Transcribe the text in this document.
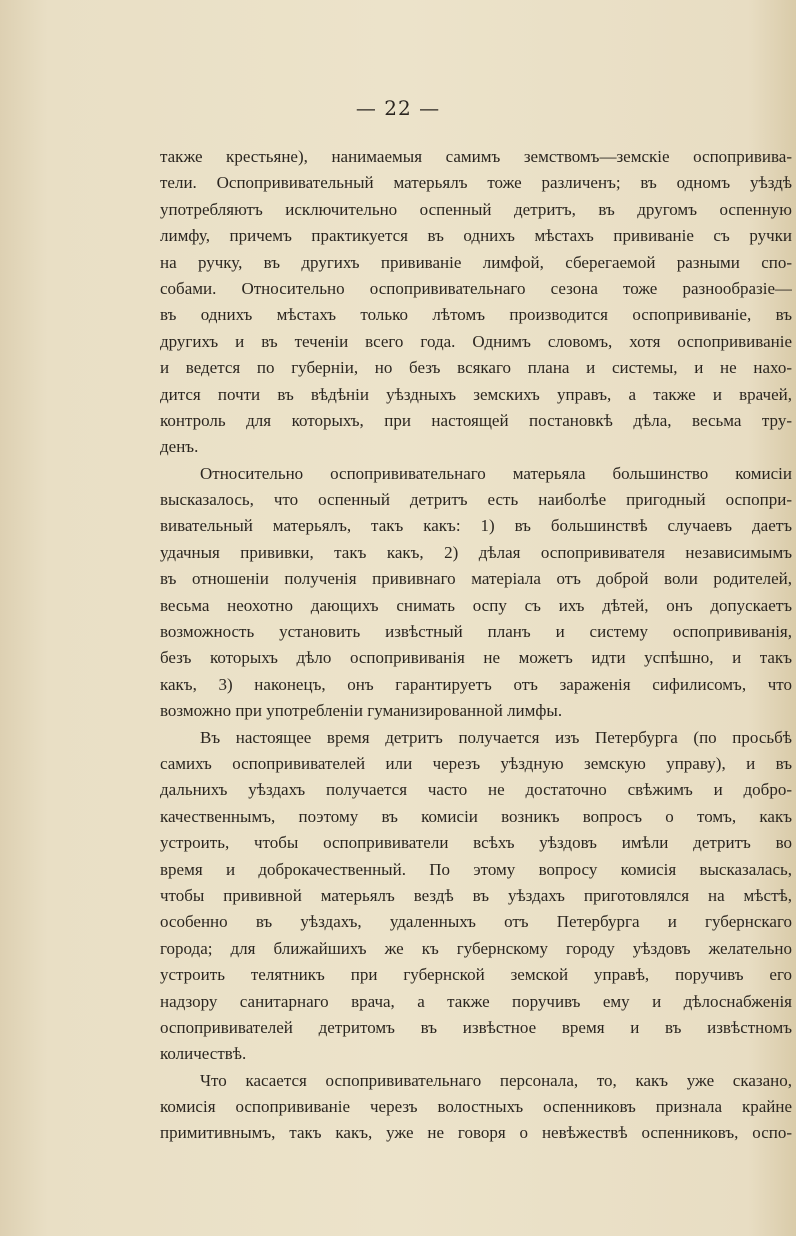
— 22 —
также крестьяне), нанимаемыя самимъ земствомъ—земскіе оспопривива-
тели. Оспопрививательный матерьялъ тоже различенъ; въ одномъ уѣздѣ
употребляютъ исключительно оспенный детритъ, въ другомъ оспенную
лимфу, причемъ практикуется въ однихъ мѣстахъ прививаніе съ ручки
на ручку, въ другихъ прививаніе лимфой, сберегаемой разными спо-
собами. Относительно оспопрививательнаго сезона тоже разнообразіе—
въ однихъ мѣстахъ только лѣтомъ производится оспопрививаніе, въ
другихъ и въ теченіи всего года. Однимъ словомъ, хотя оспопрививаніе
и ведется по губерніи, но безъ всякаго плана и системы, и не нахо-
дится почти въ вѣдѣніи уѣздныхъ земскихъ управъ, а также и врачей,
контроль для которыхъ, при настоящей постановкѣ дѣла, весьма тру-
денъ.
Относительно оспопрививательнаго матерьяла большинство комисіи
высказалось, что оспенный детритъ есть наиболѣе пригодный оспопри-
вивательный матерьялъ, такъ какъ: 1) въ большинствѣ случаевъ даетъ
удачныя прививки, такъ какъ, 2) дѣлая оспопрививателя независимымъ
въ отношеніи полученія прививнаго матеріала отъ доброй воли родителей,
весьма неохотно дающихъ снимать оспу съ ихъ дѣтей, онъ допускаетъ
возможность установить извѣстный планъ и систему оспопрививанія,
безъ которыхъ дѣло оспопрививанія не можетъ идти успѣшно, и такъ
какъ, 3) наконецъ, онъ гарантируетъ отъ зараженія сифилисомъ, что
возможно при употребленіи гуманизированной лимфы.
Въ настоящее время детритъ получается изъ Петербурга (по просьбѣ
самихъ оспопрививателей или черезъ уѣздную земскую управу), и въ
дальнихъ уѣздахъ получается часто не достаточно свѣжимъ и добро-
качественнымъ, поэтому въ комисіи возникъ вопросъ о томъ, какъ
устроить, чтобы оспопрививатели всѣхъ уѣздовъ имѣли детритъ во
время и доброкачественный. По этому вопросу комисія высказалась,
чтобы прививной матерьялъ вездѣ въ уѣздахъ приготовлялся на мѣстѣ,
особенно въ уѣздахъ, удаленныхъ отъ Петербурга и губернскаго
города; для ближайшихъ же къ губернскому городу уѣздовъ желательно
устроить телятникъ при губернской земской управѣ, поручивъ его
надзору санитарнаго врача, а также поручивъ ему и дѣлоснабженія
оспопрививателей детритомъ въ извѣстное время и въ извѣстномъ
количествѣ.
Что касается оспопрививательнаго персонала, то, какъ уже сказано,
комисія оспопрививаніе черезъ волостныхъ оспенниковъ признала крайне
примитивнымъ, такъ какъ, уже не говоря о невѣжествѣ оспенниковъ, оспо-
